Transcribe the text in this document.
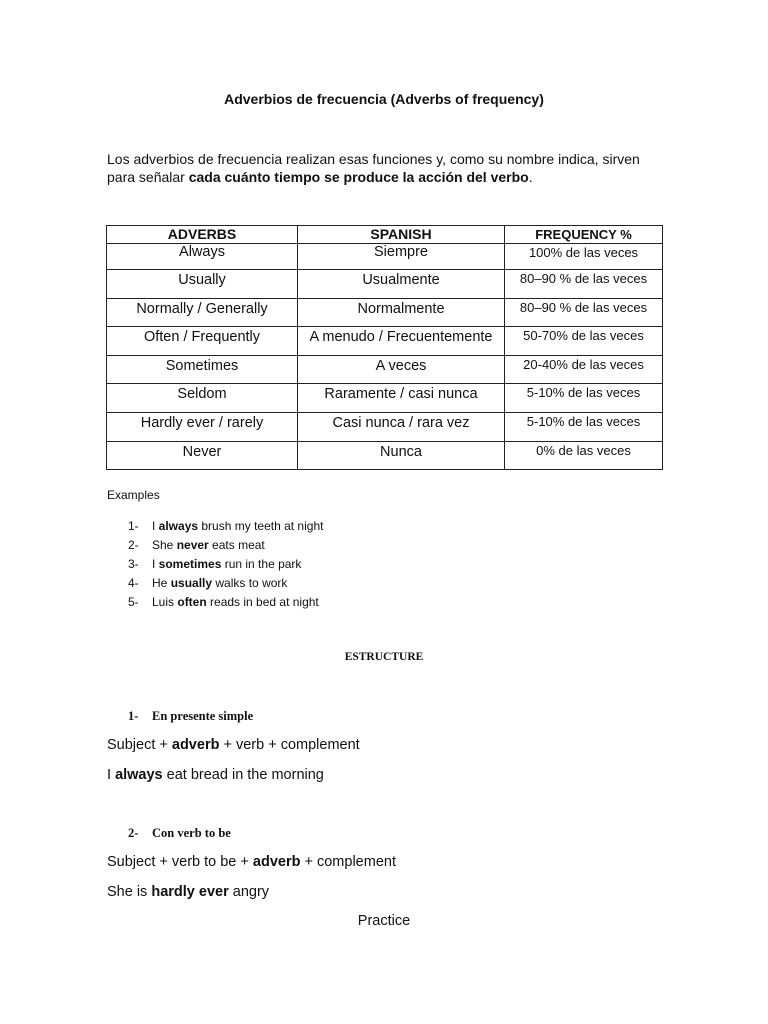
Adverbios de frecuencia (Adverbs of frequency)

Los adverbios de frecuencia realizan esas funciones y, como su nombre indica, sirven para señalar cada cuánto tiempo se produce la acción del verbo.

ADVERBS	SPANISH	FREQUENCY %
Always	Siempre	100% de las veces
Usually	Usualmente	80–90 % de las veces
Normally / Generally	Normalmente	80–90 % de las veces
Often / Frequently	A menudo / Frecuentemente	50-70% de las veces
Sometimes	A veces	20-40% de las veces
Seldom	Raramente / casi nunca	5-10% de las veces
Hardly ever / rarely	Casi nunca / rara vez	5-10% de las veces
Never	Nunca	0% de las veces
Examples
1- I always brush my teeth at night
2- She never eats meat
3- I sometimes run in the park
4- He usually walks to work
5- Luis often reads in bed at night
ESTRUCTURE
1- En presente simple
Subject + adverb + verb + complement
I always eat bread in the morning
2- Con verb to be
Subject + verb to be + adverb + complement
She is hardly ever angry
Practice
